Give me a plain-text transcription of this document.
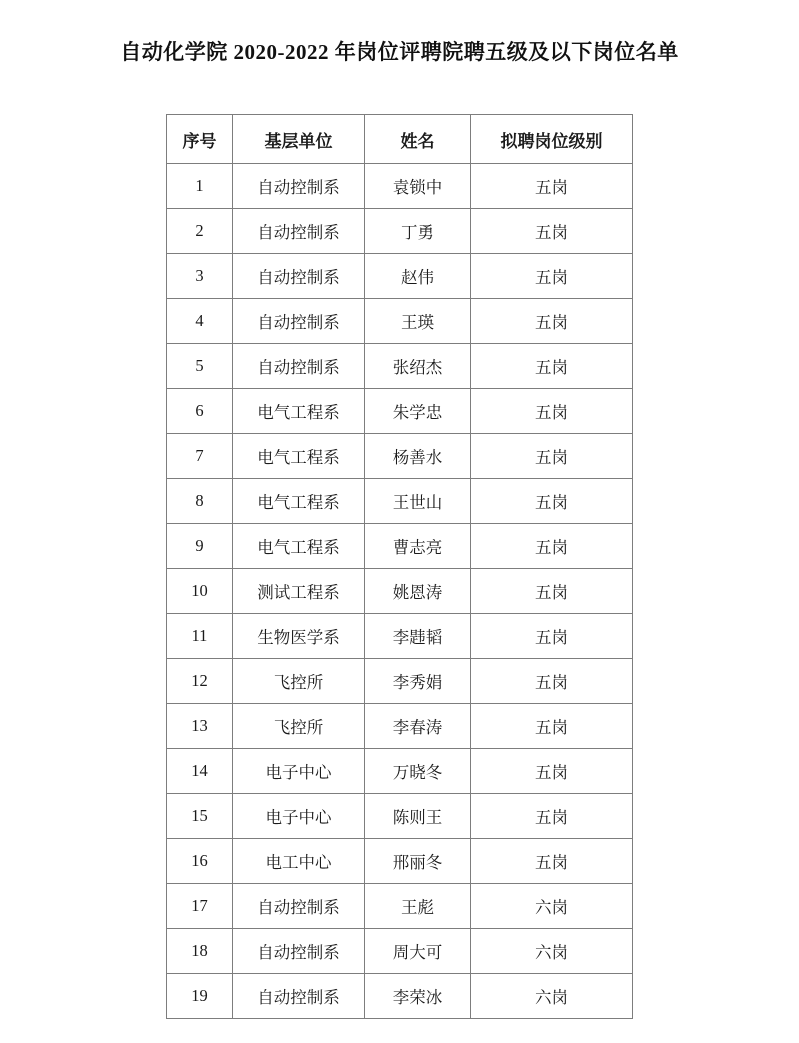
自动化学院 2020-2022 年岗位评聘院聘五级及以下岗位名单
序号	基层单位	姓名	拟聘岗位级别
1	自动控制系	袁锁中	五岗
2	自动控制系	丁勇	五岗
3	自动控制系	赵伟	五岗
4	自动控制系	王瑛	五岗
5	自动控制系	张绍杰	五岗
6	电气工程系	朱学忠	五岗
7	电气工程系	杨善水	五岗
8	电气工程系	王世山	五岗
9	电气工程系	曹志亮	五岗
10	测试工程系	姚恩涛	五岗
11	生物医学系	李韪韬	五岗
12	飞控所	李秀娟	五岗
13	飞控所	李春涛	五岗
14	电子中心	万晓冬	五岗
15	电子中心	陈则王	五岗
16	电工中心	邢丽冬	五岗
17	自动控制系	王彪	六岗
18	自动控制系	周大可	六岗
19	自动控制系	李荣冰	六岗
